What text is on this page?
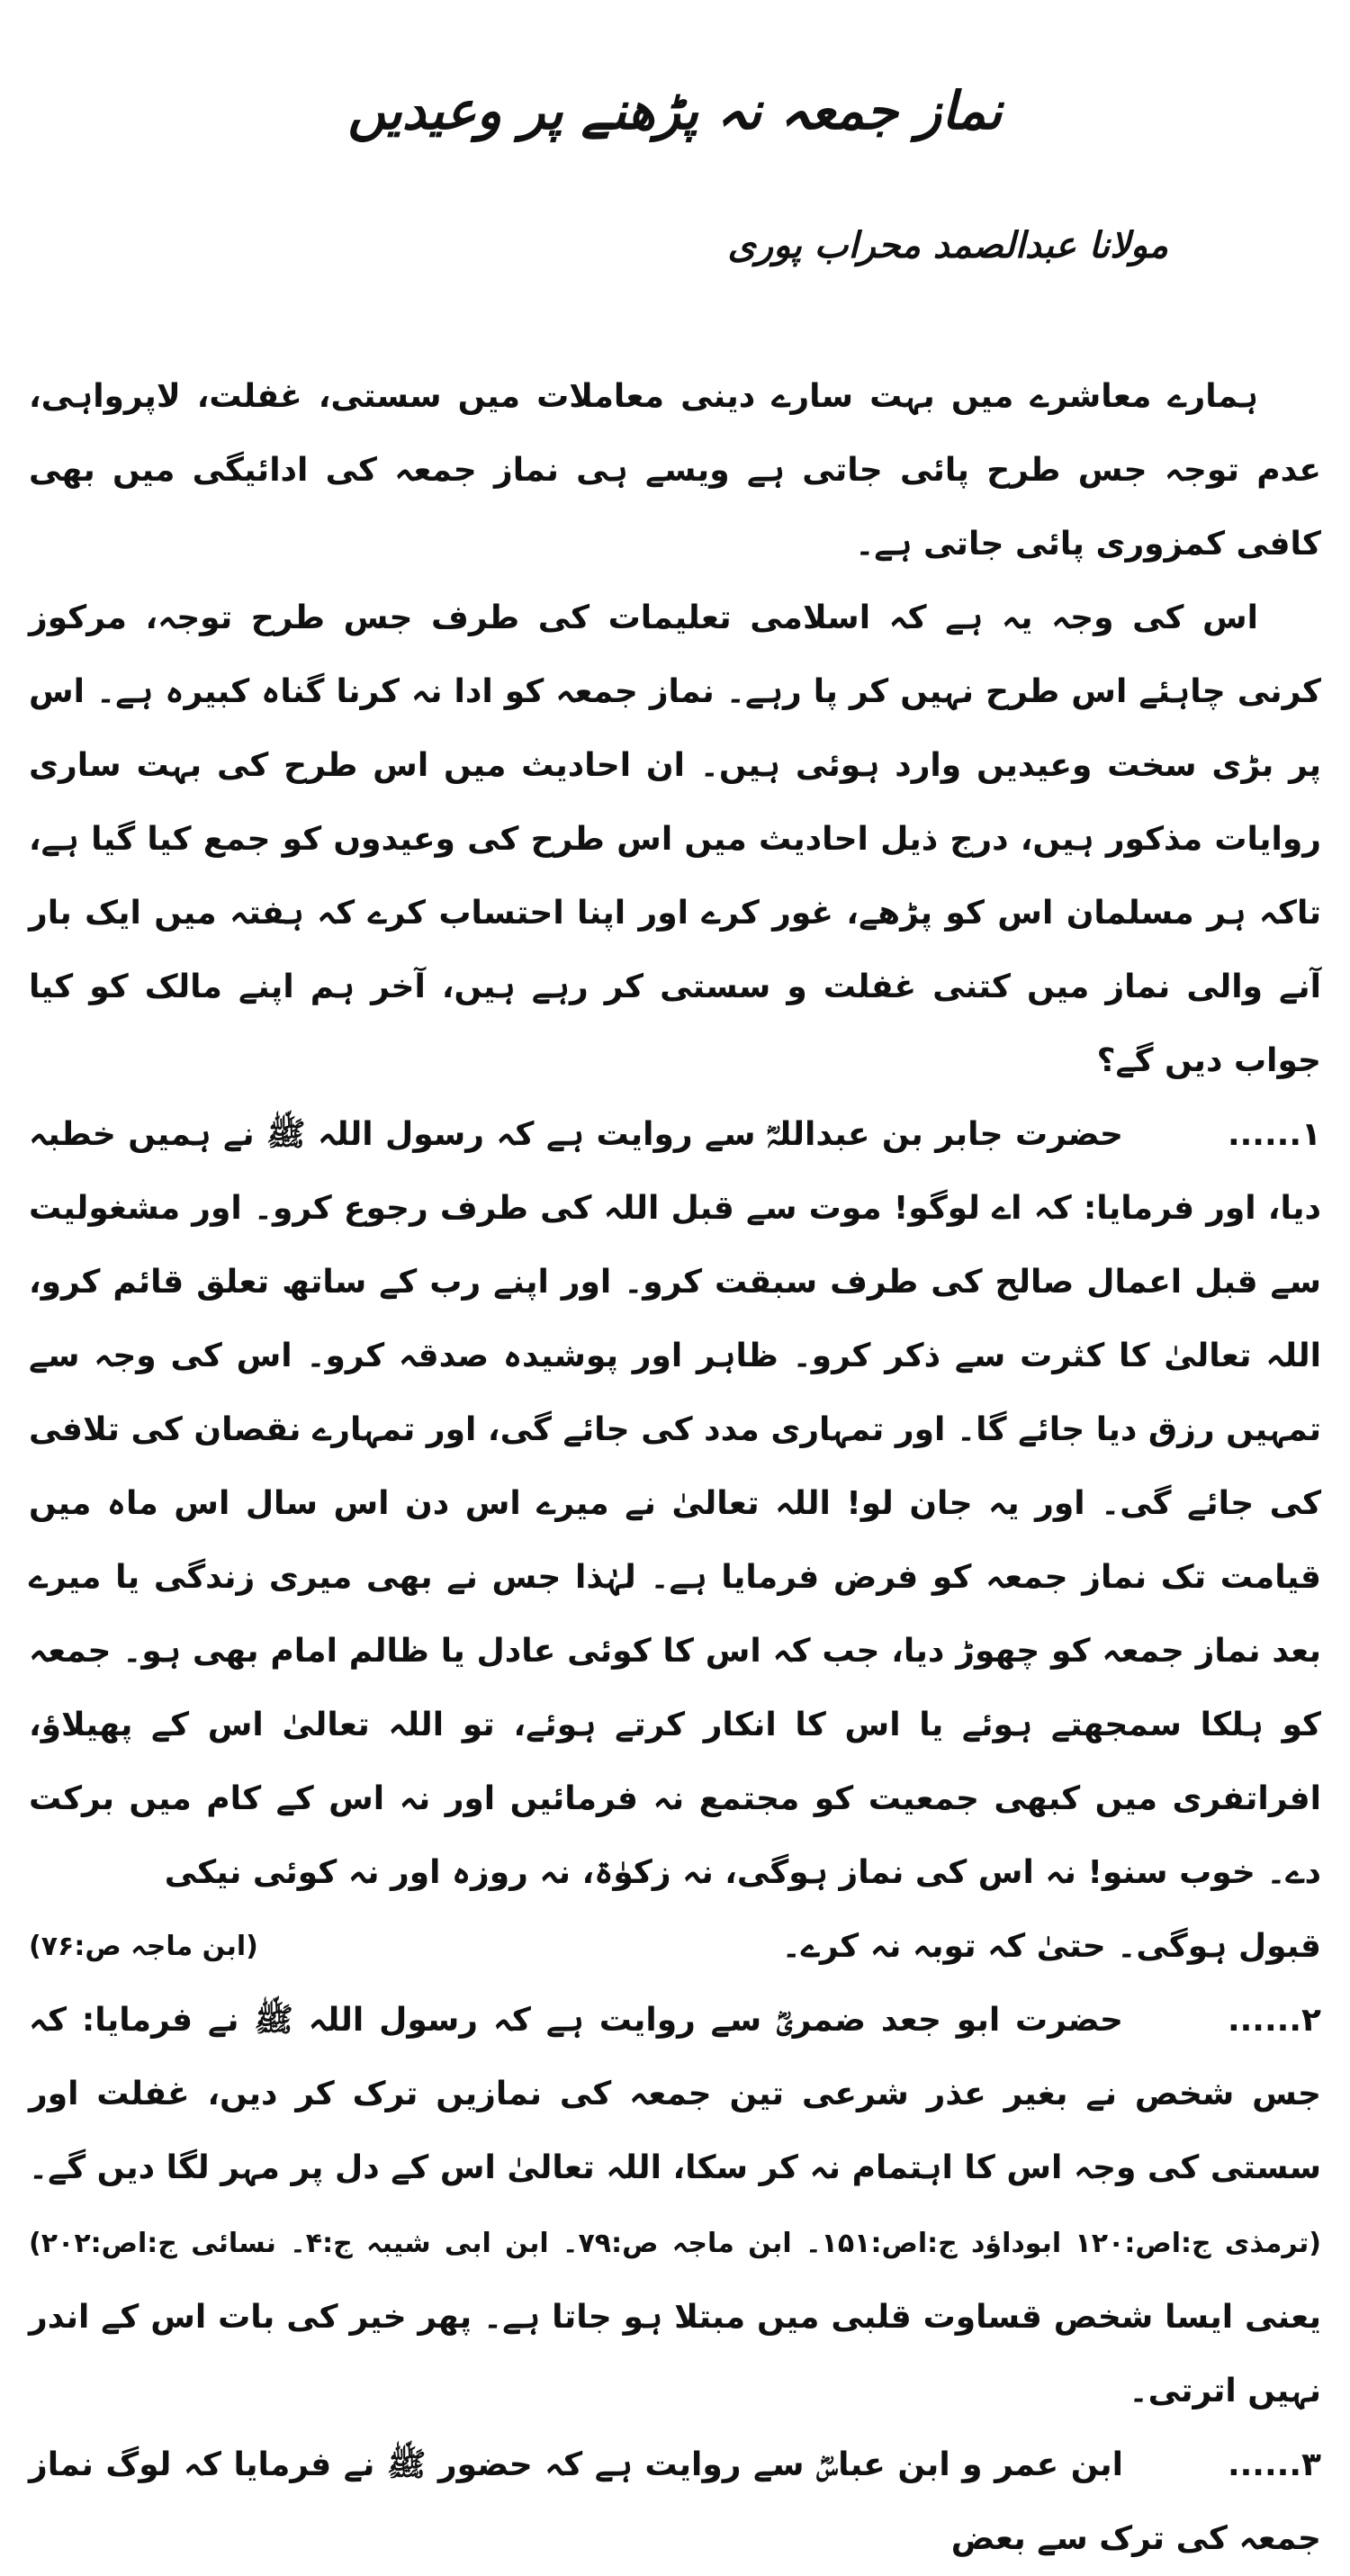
نماز جمعہ نہ پڑھنے پر وعیدیں
مولانا عبدالصمد محراب پوری

ہمارے معاشرے میں بہت سارے دینی معاملات میں سستی، غفلت، لاپرواہی، عدم توجہ جس طرح پائی جاتی ہے ویسے ہی نماز جمعہ کی ادائیگی میں بھی کافی کمزوری پائی جاتی ہے۔

اس کی وجہ یہ ہے کہ اسلامی تعلیمات کی طرف جس طرح توجہ، مرکوز کرنی چاہئے اس طرح نہیں کر پا رہے۔ نماز جمعہ کو ادا نہ کرنا گناہ کبیرہ ہے۔ اس پر بڑی سخت وعیدیں وارد ہوئی ہیں۔ ان احادیث میں اس طرح کی بہت ساری روایات مذکور ہیں، درج ذیل احادیث میں اس طرح کی وعیدوں کو جمع کیا گیا ہے، تاکہ ہر مسلمان اس کو پڑھے، غور کرے اور اپنا احتساب کرے کہ ہفتہ میں ایک بار آنے والی نماز میں کتنی غفلت و سستی کر رہے ہیں، آخر ہم اپنے مالک کو کیا جواب دیں گے؟

۱......حضرت جابر بن عبداللہؓ سے روایت ہے کہ رسول اللہ ﷺ نے ہمیں خطبہ دیا، اور فرمایا: کہ اے لوگو! موت سے قبل اللہ کی طرف رجوع کرو۔ اور مشغولیت سے قبل اعمال صالح کی طرف سبقت کرو۔ اور اپنے رب کے ساتھ تعلق قائم کرو، اللہ تعالیٰ کا کثرت سے ذکر کرو۔ ظاہر اور پوشیدہ صدقہ کرو۔ اس کی وجہ سے تمہیں رزق دیا جائے گا۔ اور تمہاری مدد کی جائے گی، اور تمہارے نقصان کی تلافی کی جائے گی۔ اور یہ جان لو! اللہ تعالیٰ نے میرے اس دن اس سال اس ماہ میں قیامت تک نماز جمعہ کو فرض فرمایا ہے۔ لہٰذا جس نے بھی میری زندگی یا میرے بعد نماز جمعہ کو چھوڑ دیا، جب کہ اس کا کوئی عادل یا ظالم امام بھی ہو۔ جمعہ کو ہلکا سمجھتے ہوئے یا اس کا انکار کرتے ہوئے، تو اللہ تعالیٰ اس کے پھیلاؤ، افراتفری میں کبھی جمعیت کو مجتمع نہ فرمائیں اور نہ اس کے کام میں برکت دے۔ خوب سنو! نہ اس کی نماز ہوگی، نہ زکوٰۃ، نہ روزہ اور نہ کوئی نیکی

قبول ہوگی۔ حتیٰ کہ توبہ نہ کرے۔
(ابن ماجہ ص:۷۶)

۲......حضرت ابو جعد ضمریؓ سے روایت ہے کہ رسول اللہ ﷺ نے فرمایا: کہ جس شخص نے بغیر عذر شرعی تین جمعہ کی نمازیں ترک کر دیں، غفلت اور سستی کی وجہ اس کا اہتمام نہ کر سکا، اللہ تعالیٰ اس کے دل پر مہر لگا دیں گے۔ (ترمذی ج:اص:۱۲۰ ابوداؤد ج:اص:۱۵۱۔ ابن ماجہ ص:۷۹۔ ابن ابی شیبہ ج:۴۔ نسائی ج:اص:۲۰۲) یعنی ایسا شخص قساوت قلبی میں مبتلا ہو جاتا ہے۔ پھر خیر کی بات اس کے اندر نہیں اترتی۔

۳......ابن عمر و ابن عباسؓ سے روایت ہے کہ حضور ﷺ نے فرمایا کہ لوگ نماز جمعہ کی ترک سے بعض
